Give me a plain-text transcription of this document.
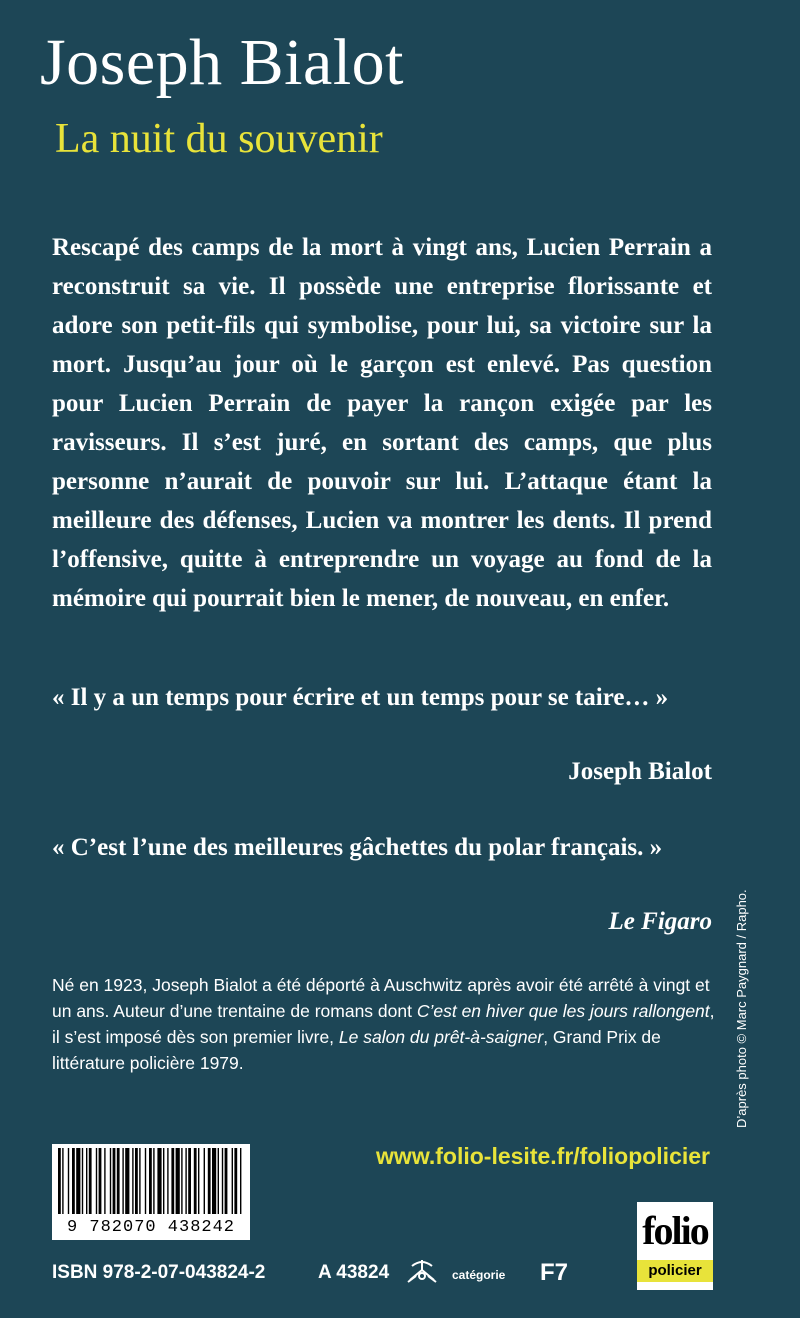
Joseph Bialot
La nuit du souvenir
Rescapé des camps de la mort à vingt ans, Lucien Perrain a reconstruit sa vie. Il possède une entreprise florissante et adore son petit-fils qui symbolise, pour lui, sa victoire sur la mort. Jusqu’au jour où le garçon est enlevé. Pas question pour Lucien Perrain de payer la rançon exigée par les ravisseurs. Il s’est juré, en sortant des camps, que plus personne n’aurait de pouvoir sur lui. L’attaque étant la meilleure des défenses, Lucien va montrer les dents. Il prend l’offensive, quitte à entreprendre un voyage au fond de la mémoire qui pourrait bien le mener, de nouveau, en enfer.
« Il y a un temps pour écrire et un temps pour se taire… »
Joseph Bialot
« C’est l’une des meilleures gâchettes du polar français. »
Le Figaro
Né en 1923, Joseph Bialot a été déporté à Auschwitz après avoir été arrêté à vingt et un ans. Auteur d’une trentaine de romans dont C’est en hiver que les jours rallongent, il s’est imposé dès son premier livre, Le salon du prêt-à-saigner, Grand Prix de littérature policière 1979.	D’après photo © Marc Paygnard / Rapho.
www.folio-lesite.fr/foliopolicier
9 782070 438242
ISBN 978-2-07-043824-2	A 43824	catégorie F7
folio
policier
